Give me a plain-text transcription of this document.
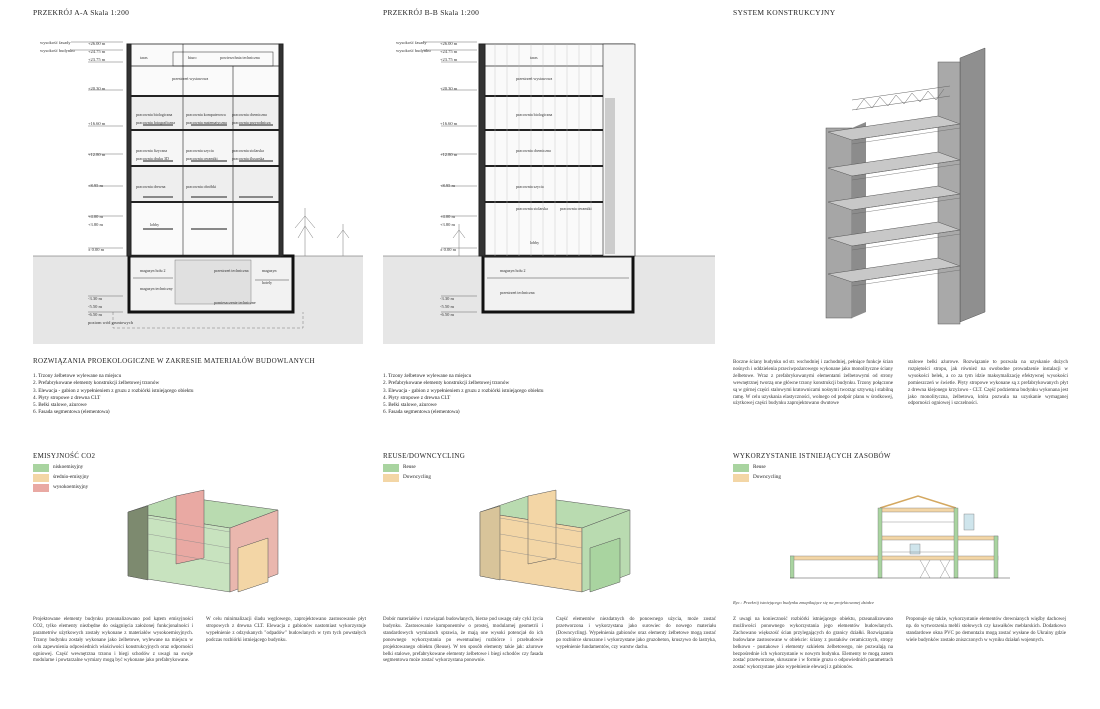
PRZEKRÓJ A-A Skala 1:200	PRZEKRÓJ B-B Skala 1:200	SYSTEM KONSTRUKCYJNY
wysokość fasady
wysokość budynku
+26.00 m
+24.75 m
+23.75 m
+20.30 m
+16.60 m
+12.80 m
+8.95 m
+4.00 m
+3.80 m
± 0.00 m
-3.30 m
-5.50 m
-6.50 m
poziom wód gruntowych
taras	biuro	powierzchnia techniczna
przestrzeń wystawowa
pracownia biologiczna	pracownia komputerowa pracownia chemiczna
pracownia fotograficzna	pracownia matematyczna pracownia przyrodnicza
pracownia fizyczna	pracownia szycia	pracownia stolarska
pracownia druku 3D	pracownia ceramiki	pracownia ślusarska
pracownia drewna	pracownia obróbki
lobby
magazyn holu 2	przestrzeń techniczna	magazyn
hotely
magazyn techniczny
pomieszczenie techniczne
wysokość fasady
wysokość budynku
+26.00 m
+24.75 m
+23.75 m
+20.30 m
+16.60 m
+12.80 m
+8.95 m
+4.00 m
+3.80 m
± 0.00 m
-3.30 m
-5.50 m
-6.50 m
taras
przestrzeń wystawowa
pracownia biologiczna
pracownia chemiczna
pracownia szycia
pracownia stolarska	pracownia ceramiki
lobby
magazyn holu 2
przestrzeń techniczna
ROZWIĄZANIA PROEKOLOGICZNE W ZAKRESIE MATERIAŁÓW BUDOWLANYCH
1. Trzony żelbetowe wylewane na miejscu
2. Prefabrykowane elementy konstrukcji żelbetowej trzonów
3. Elewacja - gabion z wypełnieniem z gruzu z rozbiórki istniejącego obiektu
4. Płyty stropowe z drewna CLT
5. Belki stalowe, ażurowe
6. Fasada segmentowa (elementowa)
1. Trzony żelbetowe wylewane na miejscu
2. Prefabrykowane elementy konstrukcji żelbetowej trzonów
3. Elewacja - gabion z wypełnieniem z gruzu z rozbiórki istniejącego obiektu
4. Płyty stropowe z drewna CLT
5. Belki stalowe, ażurowe
6. Fasada segmentowa (elementowa)
Boczne ściany budynku od str. wschodniej i zachodniej, pełniące funkcje ścian nośnych i oddzielenia przeciwpożarowego wykonane jako monolityczne ściany żelbetowe. Wraz z prefabrykowanymi elementami żelbetowymi od strony wewnętrznej tworzą one główne trzony konstrukcji budynku. Trzony połączone są w górnej części stalowymi kratownicami nośnymi tworząc sztywną i stabilną ramę. W celu uzyskania elastyczności, wolnego od podpór planu w środkowej, użytkowej części budynku zaprojektowano dwutowe
stalowe belki ażurowe. Rozwiązanie to pozwala na uzyskanie dużych rozpiętości stropu, jak również na swobodne prowadzenie instalacji w wysokości belek, a co za tym idzie maksymalizację efektywnej wysokości pomieszczeń w świetle. Płyty stropowe wykonane są z prefabrykowanych płyt z drewna klejonego krzyżowo - CLT. Część podziemna budynku wykonana jest jako monolityczna, żelbetowa, która pozwala na uzyskanie wymaganej odporności ogniowej i szczelności.
EMISYJNOŚĆ CO2
niskoemisyjny
średnio-emisyjny
wysokoemisyjny
Projektowane elementy budynku przeanalizowano pod kątem emisyjności CO2, tylko elementy niezbędne do osiągnięcia założonej funkcjonalności i parametrów użytkowych zostały wykonane z materiałów wysokoemisyjnych. Trzony budynku zostały wykonane jako żelbetowe, wylewane na miejscu w celu zapewnienia odpowiednich właściwości konstrukcyjnych oraz odporności ogniowej. Część wewnętrzna trzonu i biegi schodów z uwagi na swoje modularne i powtarzalne wymiary mogą być wykonane jako prefabrykowane.
W celu minimalizacji śladu węglowego, zaprojektowano zastosowanie płyt stropowych z drewna CLT. Elewacja z gabionów nastomiast wykorzystuje wypełnienie z odzyskanych "odpadów" budowlanych w tym tych powstałych podczas rozbiórki istniejącego budynku.
REUSE/DOWNCYCLING
Reuse
Downcycling
Dobór materiałów i rozwiązań budowlanych, bierze pod uwagę cały cykl życia budynku. Zastosowanie komponentów o prostej, modularnej geometrii i standardowych wymiarach sprawia, że mają one wysoki potencjał do ich ponownego wykorzystania po ewentualnej rozbiórce i przebudowie projektowanego obiektu (Reuse). W ten sposób elementy takie jak: ażurowe belki stalowe, prefabrykowane elementy żelbetowe i biegi schodów czy fasada segmentowa może zostać wykorzystana ponownie.
Część elementów niezdatnych do ponownego użycia, może zostać przetworzona i wykorzystana jako surowiec do nowego materiału (Downcycling). Wypełnienia gabionów oraz elementy żelbetowe mogą zostać po rozbiórce skruszone i wykorzystane jako gruzobeton, kruszywo do lastryka, wypełnienie fundamentów, czy warstw dachu.
WYKORZYSTANIE ISTNIEJĄCYCH ZASOBÓW
Reuse
Downcycling
Ryc.: Przekrój istniejącego budynku zmapikujące się na projektowanej działce
Z uwagi na konieczność rozbiórki istniejącego obiektu, przeanalizowano możliwości ponownego wykorzystania jego elementów budowlanych. Zachowano większość ścian przylegających do granicy działki. Rozwiązania budowlane zastosowane w obiekcie: ściany z pustaków ceramicznych, stropy belkowo - pustakowe i elementy szkieletu żelbetowego, nie pozwalają na bezpośrednie ich wykorzystanie w nowym budynku. Elementy te mogą zatem zostać przetworzone, skruszone i w formie gruzu o odpowiednich parametrach zostać wykorzystane jako wypełnienie elewacji z gabionów.
Proponuje się także, wykorzystanie elementów drewnianych więźby dachowej np. do wytworzenia mebli stołowych czy kawałków meblarskich. Dodatkowo standardowe okna PVC po demontażu mogą zostać wysłane do Ukrainy gdzie wiele budynków zostało zniszczonych w wyniku działań wojennych.
